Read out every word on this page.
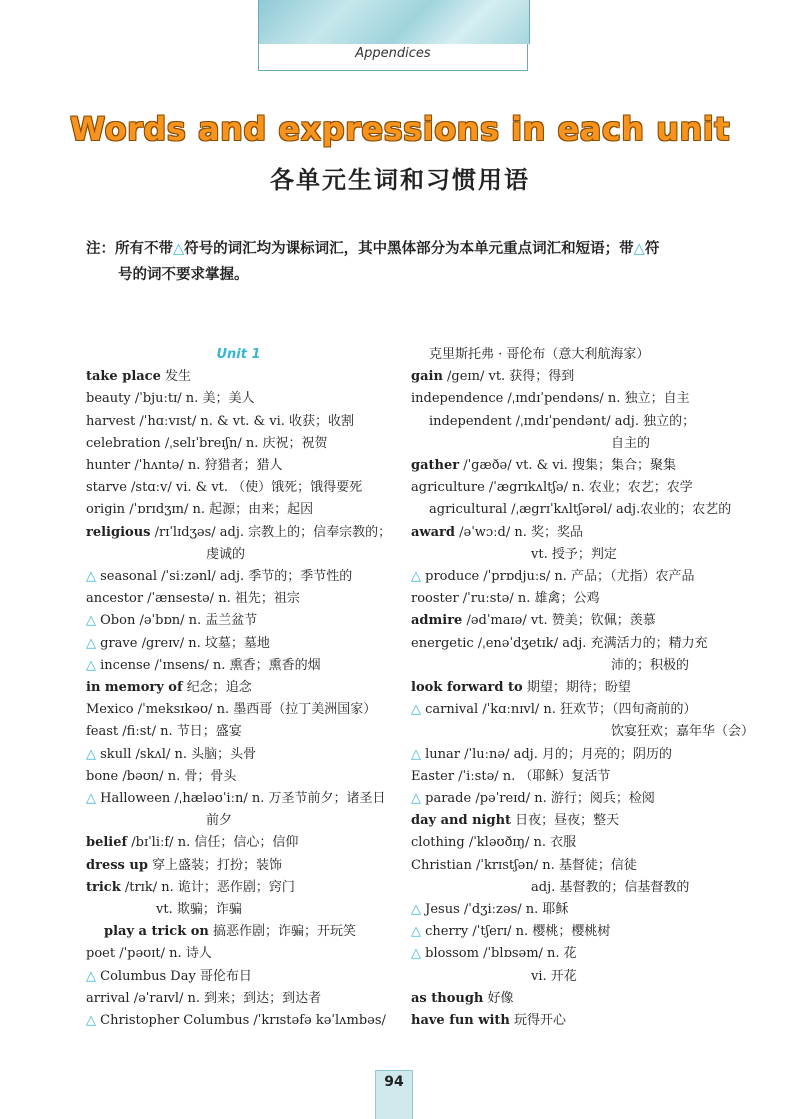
Appendices
Words and expressions in each unit
各单元生词和习惯用语
注：所有不带△符号的词汇均为课标词汇，其中黑体部分为本单元重点词汇和短语；带△符
号的词不要求掌握。
Unit 1
take place 发生
beauty /ˈbjuːtɪ/ n. 美；美人
harvest /ˈhɑːvɪst/ n. & vt. & vi. 收获；收割
celebration /ˌselɪˈbreɪʃn/ n. 庆祝；祝贺
hunter /ˈhʌntə/ n. 狩猎者；猎人
starve /stɑːv/ vi. & vt. （使）饿死；饿得要死
origin /ˈɒrɪdʒɪn/ n. 起源；由来；起因
religious /rɪˈlɪdʒəs/ adj. 宗教上的；信奉宗教的；
虔诚的
△ seasonal /ˈsiːzənl/ adj. 季节的；季节性的
ancestor /ˈænsestə/ n. 祖先；祖宗
△ Obon /əˈbɒn/ n. 盂兰盆节
△ grave /greɪv/ n. 坟墓；墓地
△ incense /ˈɪnsens/ n. 熏香；熏香的烟
in memory of 纪念；追念
Mexico /ˈmeksɪkəʊ/ n. 墨西哥（拉丁美洲国家）
feast /fiːst/ n. 节日；盛宴
△ skull /skʌl/ n. 头脑；头骨
bone /bəʊn/ n. 骨；骨头
△ Halloween /ˌhæləʊˈiːn/ n. 万圣节前夕；诸圣日
前夕
belief /bɪˈliːf/ n. 信任；信心；信仰
dress up 穿上盛装；打扮；装饰
trick /trɪk/ n. 诡计；恶作剧；窍门
vt. 欺骗；诈骗
play a trick on 搞恶作剧；诈骗；开玩笑
poet /ˈpəʊɪt/ n. 诗人
△ Columbus Day 哥伦布日
arrival /əˈraɪvl/ n. 到来；到达；到达者
△ Christopher Columbus /ˈkrɪstəfə kəˈlʌmbəs/
克里斯托弗 · 哥伦布（意大利航海家）
gain /geɪn/ vt. 获得；得到
independence /ˌɪndɪˈpendəns/ n. 独立；自主
independent /ˌɪndɪˈpendənt/ adj. 独立的；
自主的
gather /ˈgæðə/ vt. & vi. 搜集；集合；聚集
agriculture /ˈægrɪkʌltʃə/ n. 农业；农艺；农学
agricultural /ˌægrɪˈkʌltʃərəl/ adj.农业的；农艺的
award /əˈwɔːd/ n. 奖；奖品
vt. 授予；判定
△ produce /ˈprɒdjuːs/ n. 产品；（尤指）农产品
rooster /ˈruːstə/ n. 雄禽；公鸡
admire /ədˈmaɪə/ vt. 赞美；钦佩；羡慕
energetic /ˌenəˈdʒetɪk/ adj. 充满活力的；精力充
沛的；积极的
look forward to 期望；期待；盼望
△ carnival /ˈkɑːnɪvl/ n. 狂欢节；（四旬斋前的）
饮宴狂欢；嘉年华（会）
△ lunar /ˈluːnə/ adj. 月的；月亮的；阴历的
Easter /ˈiːstə/ n. （耶稣）复活节
△ parade /pəˈreɪd/ n. 游行；阅兵；检阅
day and night 日夜；昼夜；整天
clothing /ˈkləʊðɪŋ/ n. 衣服
Christian /ˈkrɪstʃən/ n. 基督徒；信徒
adj. 基督教的；信基督教的
△ Jesus /ˈdʒiːzəs/ n. 耶稣
△ cherry /ˈtʃerɪ/ n. 樱桃；樱桃树
△ blossom /ˈblɒsəm/ n. 花
vi. 开花
as though 好像
have fun with 玩得开心
94
